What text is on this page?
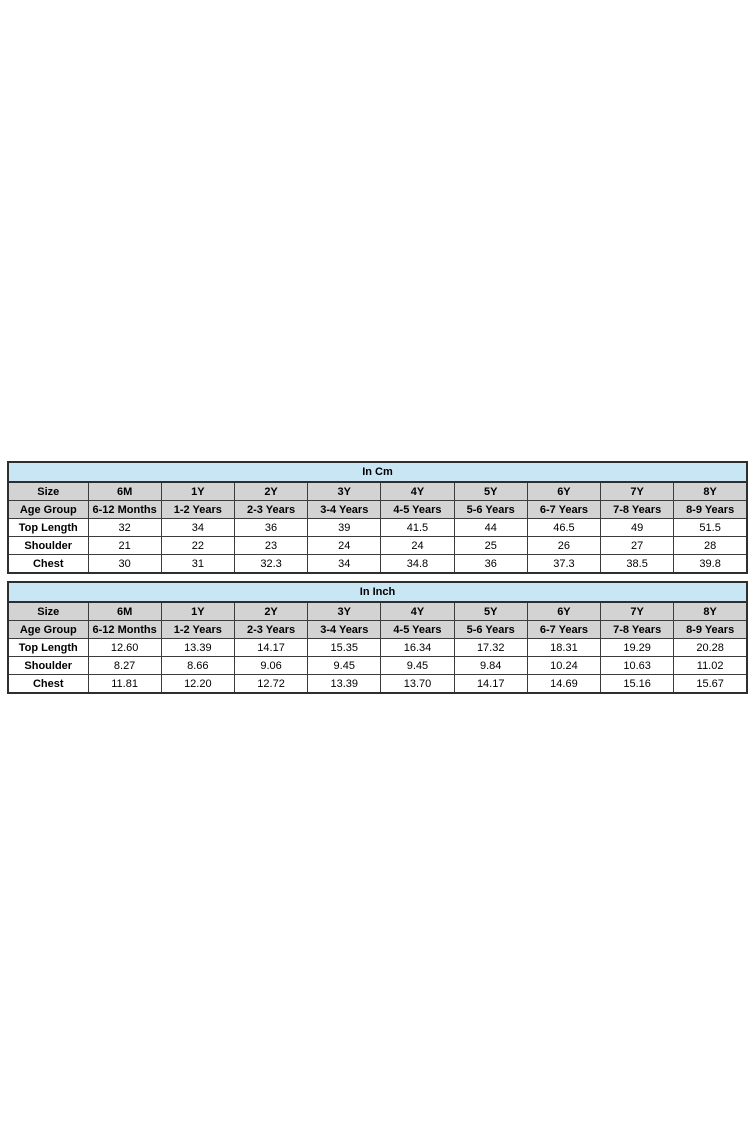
In Cm									
Size	6M	1Y	2Y	3Y	4Y	5Y	6Y	7Y	8Y
Age Group	6-12 Months	1-2 Years	2-3 Years	3-4 Years	4-5 Years	5-6 Years	6-7 Years	7-8 Years	8-9 Years
Top Length	32	34	36	39	41.5	44	46.5	49	51.5
Shoulder	21	22	23	24	24	25	26	27	28
Chest	30	31	32.3	34	34.8	36	37.3	38.5	39.8
In Inch									
Size	6M	1Y	2Y	3Y	4Y	5Y	6Y	7Y	8Y
Age Group	6-12 Months	1-2 Years	2-3 Years	3-4 Years	4-5 Years	5-6 Years	6-7 Years	7-8 Years	8-9 Years
Top Length	12.60	13.39	14.17	15.35	16.34	17.32	18.31	19.29	20.28
Shoulder	8.27	8.66	9.06	9.45	9.45	9.84	10.24	10.63	11.02
Chest	11.81	12.20	12.72	13.39	13.70	14.17	14.69	15.16	15.67
